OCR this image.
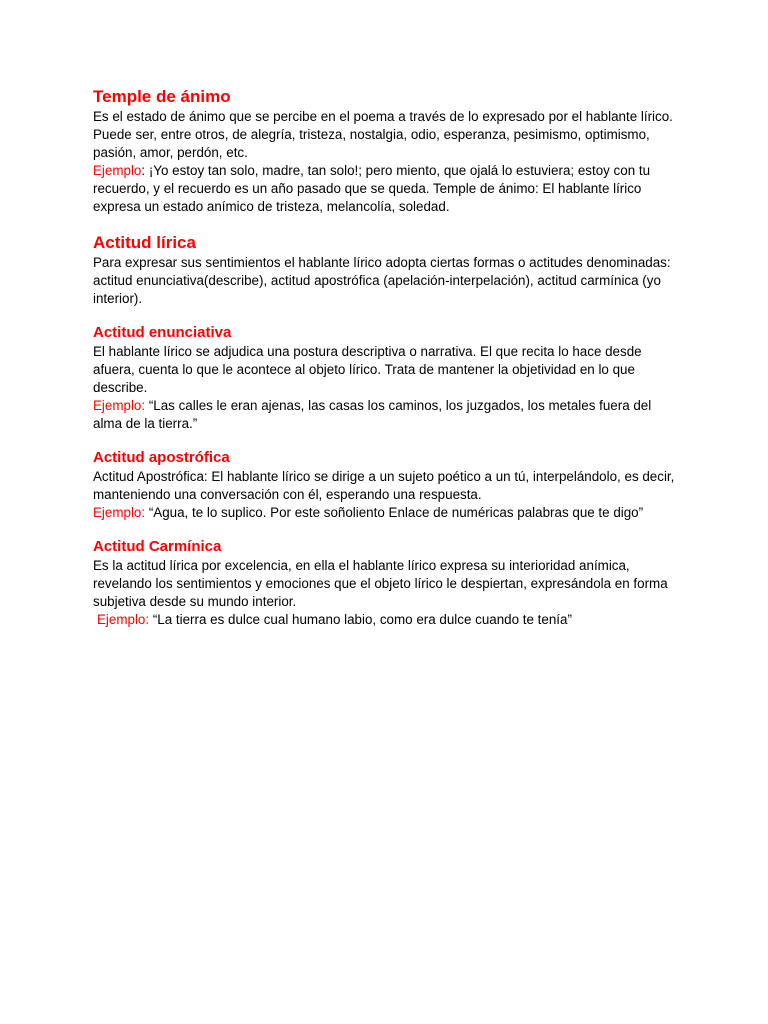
Temple de ánimo

Es el estado de ánimo que se percibe en el poema a través de lo expresado por el hablante lírico. Puede ser, entre otros, de alegría, tristeza, nostalgia, odio, esperanza, pesimismo, optimismo, pasión, amor, perdón, etc.

Ejemplo: ¡Yo estoy tan solo, madre, tan solo!; pero miento, que ojalá lo estuviera; estoy con tu recuerdo, y el recuerdo es un año pasado que se queda. Temple de ánimo: El hablante lírico expresa un estado anímico de tristeza, melancolía, soledad.

Actitud lírica

Para expresar sus sentimientos el hablante lírico adopta ciertas formas o actitudes denominadas: actitud enunciativa(describe), actitud apostrófica (apelación-interpelación), actitud carmínica (yo interior).

Actitud enunciativa

El hablante lírico se adjudica una postura descriptiva o narrativa. El que recita lo hace desde afuera, cuenta lo que le acontece al objeto lírico. Trata de mantener la objetividad en lo que describe.

Ejemplo: “Las calles le eran ajenas, las casas los caminos, los juzgados, los metales fuera del alma de la tierra.”

Actitud apostrófica

Actitud Apostrófica: El hablante lírico se dirige a un sujeto poético a un tú, interpelándolo, es decir, manteniendo una conversación con él, esperando una respuesta.

Ejemplo: “Agua, te lo suplico. Por este soñoliento Enlace de numéricas palabras que te digo”

Actitud Carmínica

Es la actitud lírica por excelencia, en ella el hablante lírico expresa su interioridad anímica, revelando los sentimientos y emociones que el objeto lírico le despiertan, expresándola en forma subjetiva desde su mundo interior.

Ejemplo: “La tierra es dulce cual humano labio, como era dulce cuando te tenía”
